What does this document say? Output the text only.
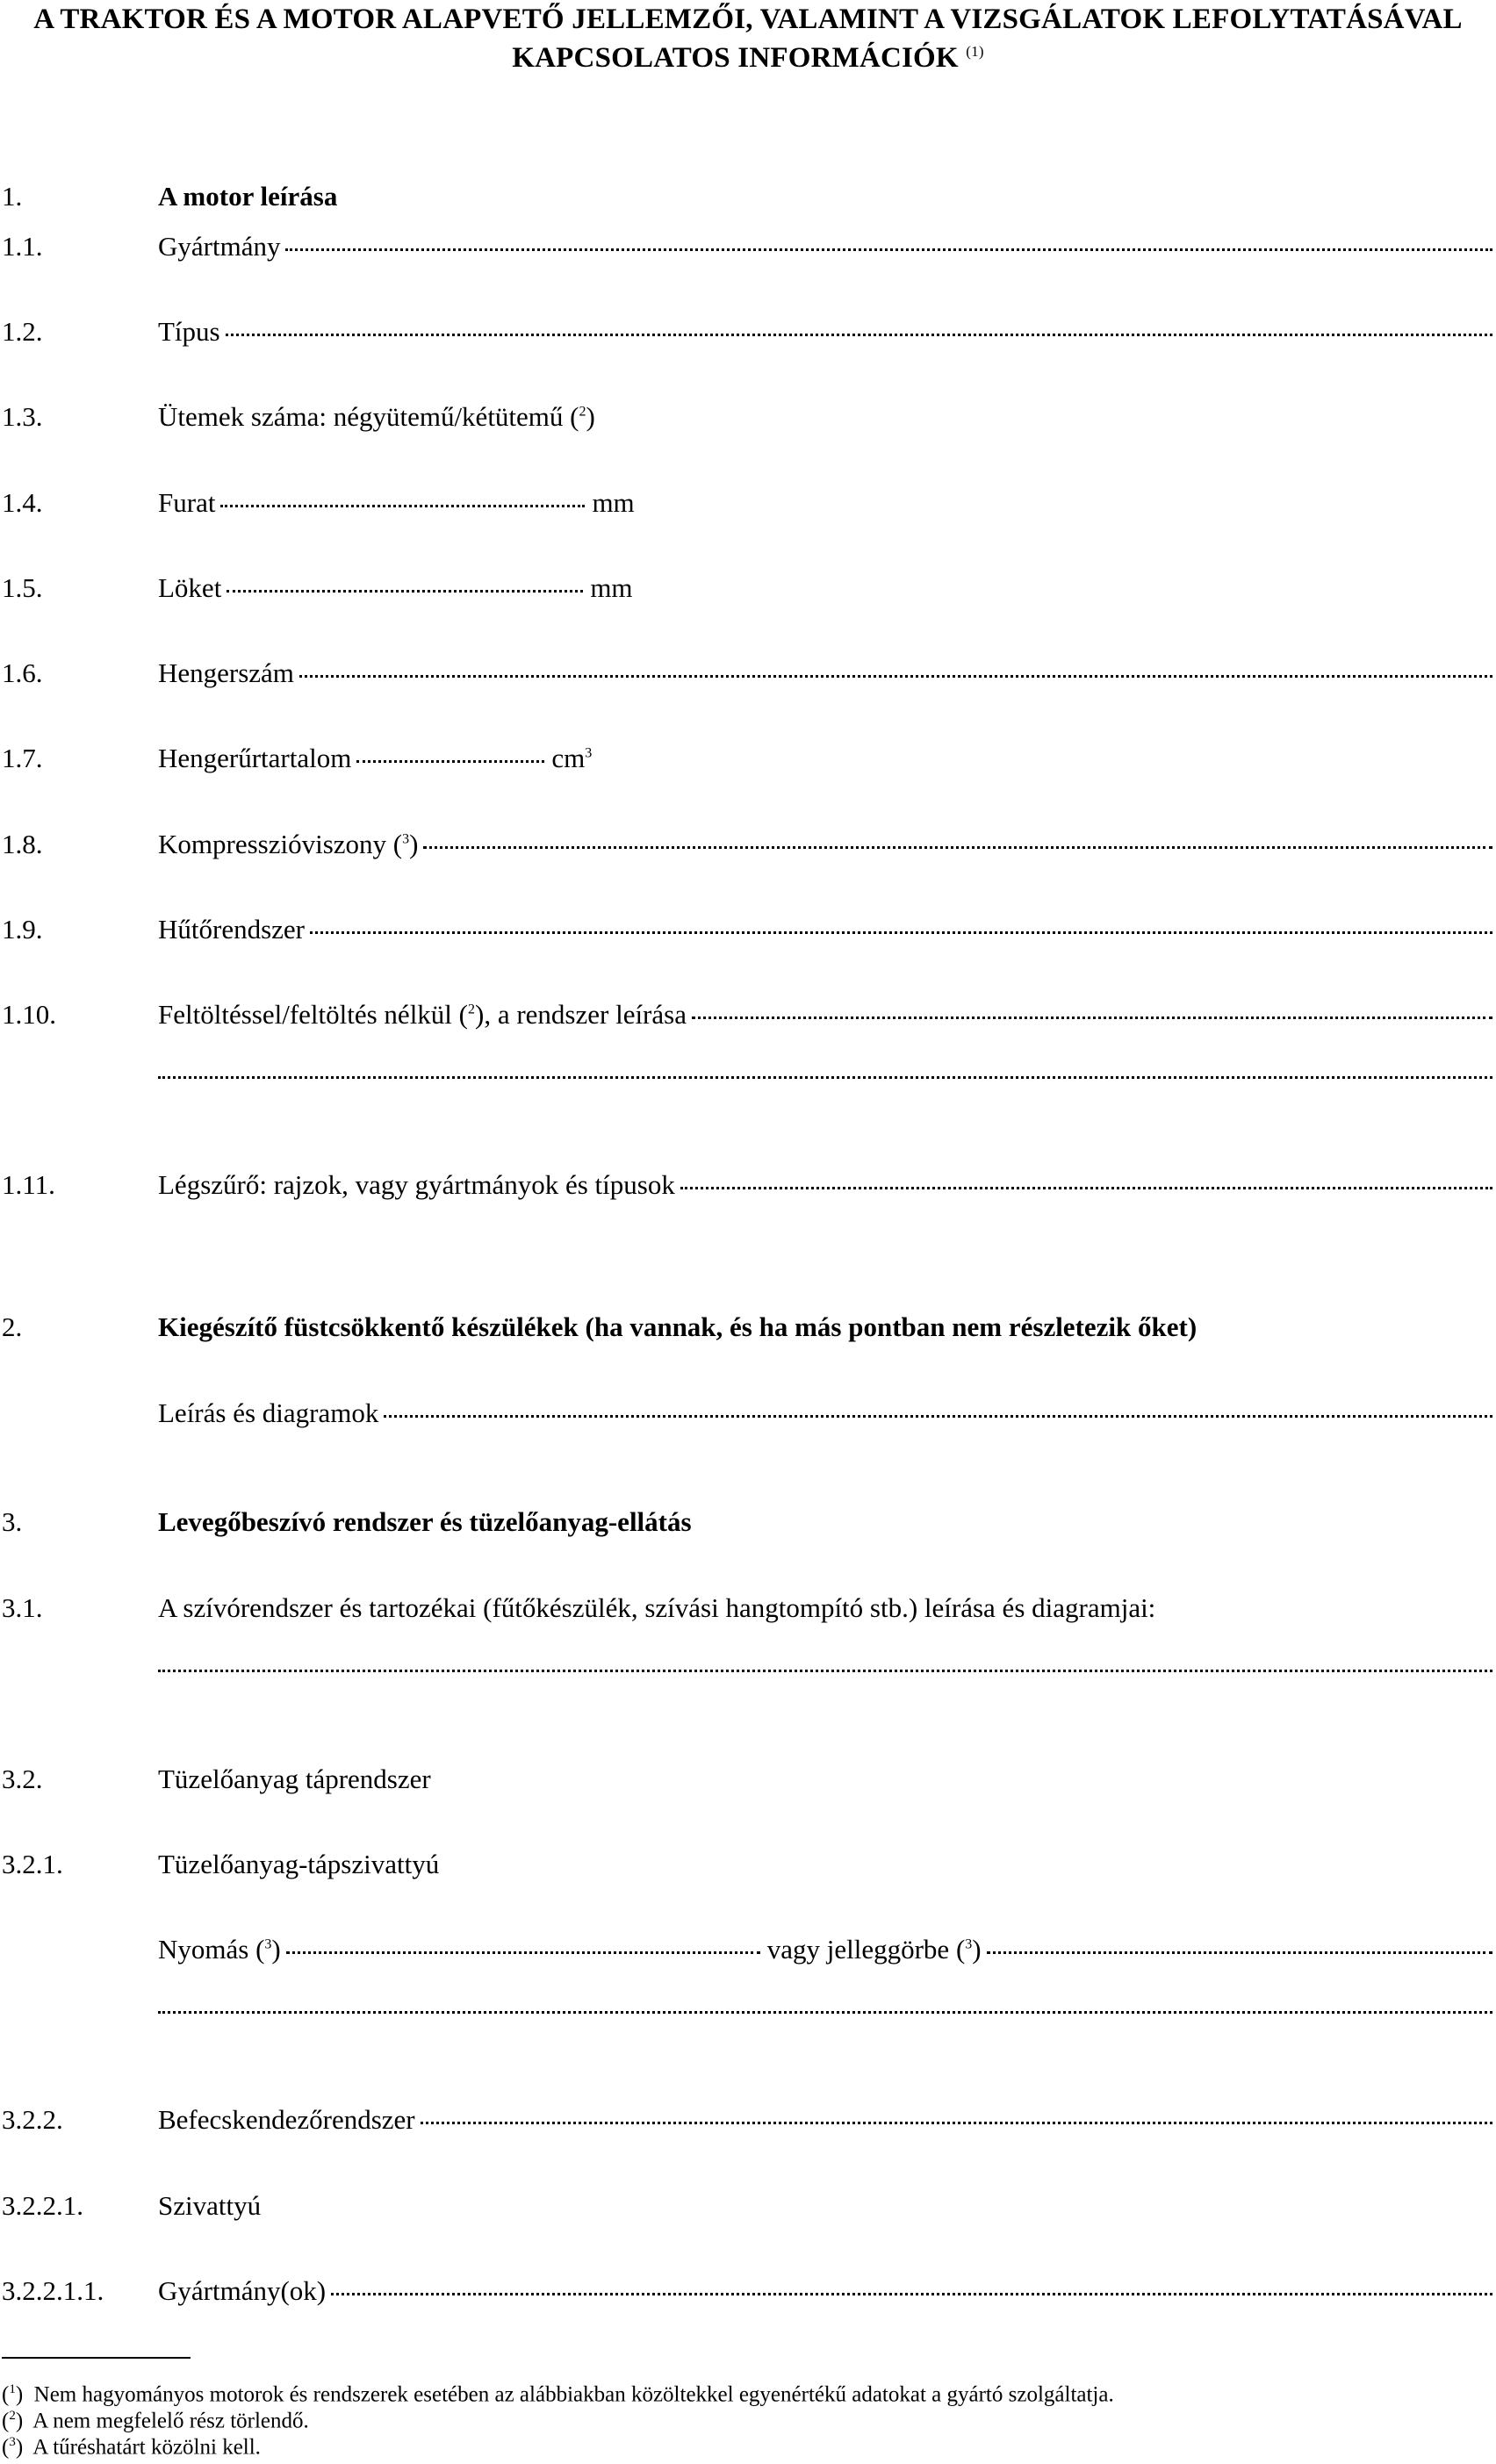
A TRAKTOR ÉS A MOTOR ALAPVETŐ JELLEMZŐI, VALAMINT A VIZSGÁLATOK LEFOLYTATÁSÁVAL
KAPCSOLATOS INFORMÁCIÓK $^{(1)}$
1.	A motor leírása
1.1.	Gyártmány
1.2.	Típus
1.3.	Ütemek száma: négyütemű/kétütemű ($^2$)
1.4.	Furat	mm
1.5.	Löket	mm
1.6.	Hengerszám
1.7.	Hengerűrtartalom	$cm^3$
1.8.	Kompresszióviszony ($^3$)
1.9.	Hűtőrendszer
1.10.	Feltöltéssel/feltöltés nélkül ($^2$), a rendszer leírása
1.11.	Légszűrő: rajzok, vagy gyártmányok és típusok
2.	Kiegészítő füstcsökkentő készülékek (ha vannak, és ha más pontban nem részletezik őket)
Leírás és diagramok
3.	Levegőbeszívó rendszer és tüzelőanyag-ellátás
3.1.	A szívórendszer és tartozékai (fűtőkészülék, szívási hangtompító stb.) leírása és diagramjai:
3.2.	Tüzelőanyag táprendszer
3.2.1.	Tüzelőanyag-tápszivattyú
Nyomás ($^3$)	vagy jelleggörbe ($^3$)
3.2.2.	Befecskendezőrendszer
3.2.2.1.	Szivattyú
3.2.2.1.1. Gyártmány(ok)
($^1$)  Nem hagyományos motorok és rendszerek esetében az alábbiakban közöltekkel egyenértékű adatokat a gyártó szolgáltatja.
($^2$)  A nem megfelelő rész törlendő.
($^3$)  A tűréshatárt közölni kell.
